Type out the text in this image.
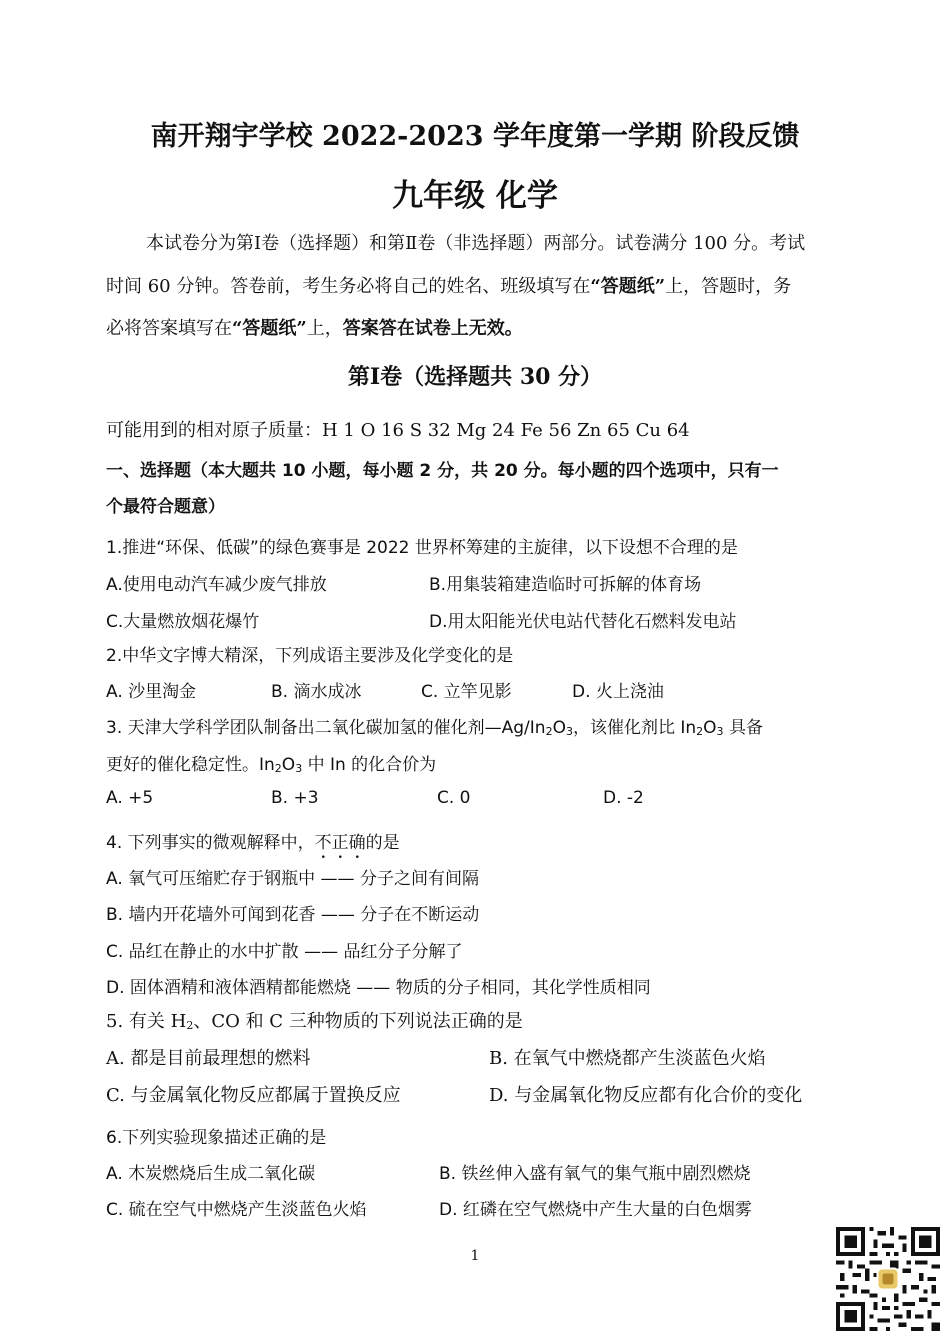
南开翔宇学校 2022-2023 学年度第一学期 阶段反馈
九年级 化学
本试卷分为第Ⅰ卷（选择题）和第Ⅱ卷（非选择题）两部分。试卷满分 100 分。考试
时间 60 分钟。答卷前，考生务必将自己的姓名、班级填写在“答题纸”上，答题时，务
必将答案填写在“答题纸”上，答案答在试卷上无效。
第Ⅰ卷（选择题共 30 分）
可能用到的相对原子质量：H 1 O 16 S 32 Mg 24 Fe 56 Zn 65 Cu 64
一、选择题（本大题共 10 小题，每小题 2 分，共 20 分。每小题的四个选项中，只有一
个最符合题意）
1.推进“环保、低碳”的绿色赛事是 2022 世界杯筹建的主旋律，以下设想不合理的是
A.使用电动汽车减少废气排放	B.用集装箱建造临时可拆解的体育场
C.大量燃放烟花爆竹	D.用太阳能光伏电站代替化石燃料发电站
2.中华文字博大精深，下列成语主要涉及化学变化的是
A. 沙里淘金	B. 滴水成冰	C. 立竿见影	D. 火上浇油
3. 天津大学科学团队制备出二氧化碳加氢的催化剂$—Ag/In_2O_3$，该催化剂比 $In_2O_3$ 具备
更好的催化稳定性。$In_2O_3$ 中 In 的化合价为
A. +5	B. +3	C. 0	D. -2
4. 下列事实的微观解释中，不正确的是
A. 氧气可压缩贮存于钢瓶中 —— 分子之间有间隔
B. 墙内开花墙外可闻到花香 —— 分子在不断运动
C. 品红在静止的水中扩散 —— 品红分子分解了
D. 固体酒精和液体酒精都能燃烧 —— 物质的分子相同，其化学性质相同
5. 有关 $H_2$、CO 和 C 三种物质的下列说法正确的是
A. 都是目前最理想的燃料	B. 在氧气中燃烧都产生淡蓝色火焰
C. 与金属氧化物反应都属于置换反应	D. 与金属氧化物反应都有化合价的变化
6.下列实验现象描述正确的是
A. 木炭燃烧后生成二氧化碳	B. 铁丝伸入盛有氧气的集气瓶中剧烈燃烧
C. 硫在空气中燃烧产生淡蓝色火焰	D. 红磷在空气燃烧中产生大量的白色烟雾
1
